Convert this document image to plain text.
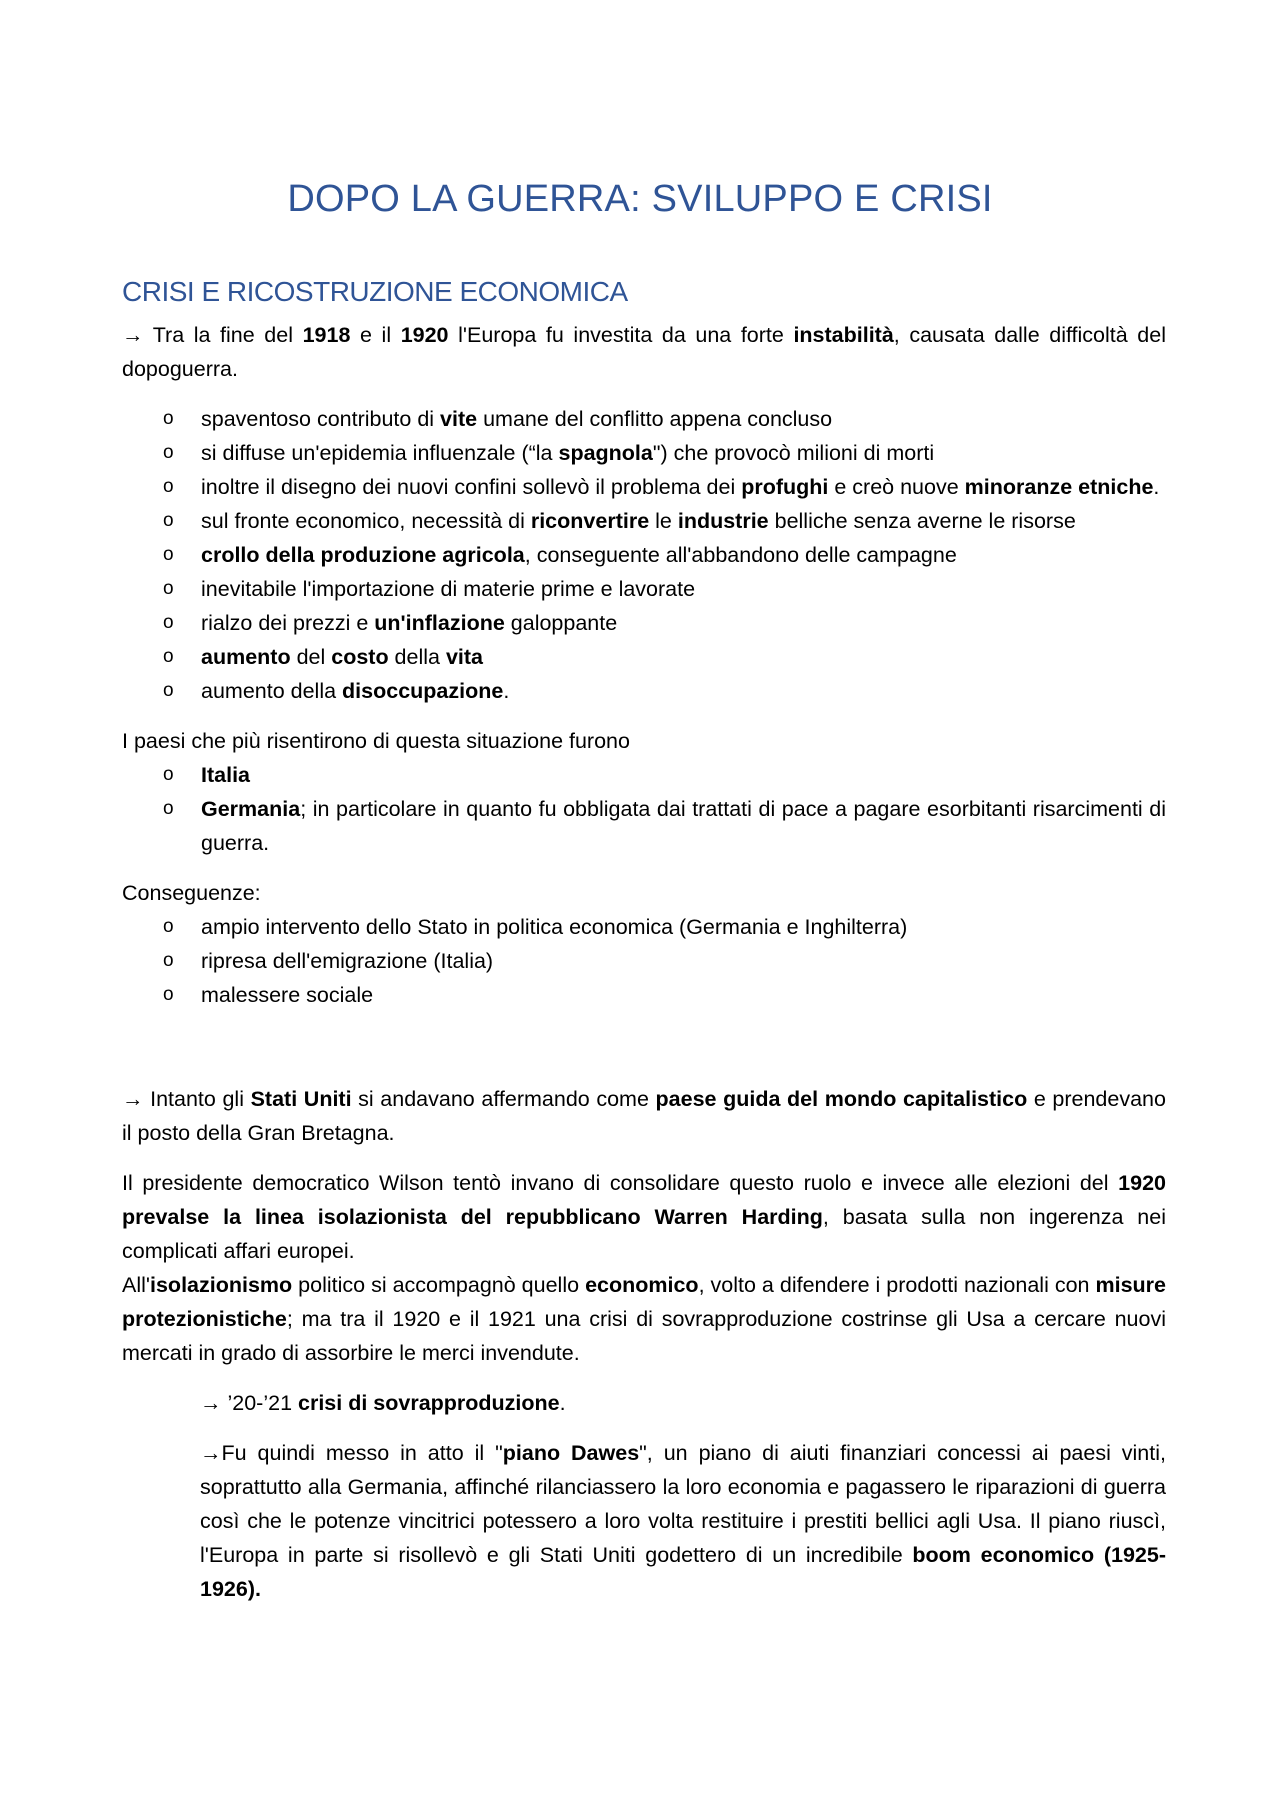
DOPO LA GUERRA: SVILUPPO E CRISI
CRISI E RICOSTRUZIONE ECONOMICA

→ Tra la fine del 1918 e il 1920 l'Europa fu investita da una forte instabilità, causata dalle difficoltà del dopoguerra.

o spaventoso contributo di vite umane del conflitto appena concluso
o si diffuse un'epidemia influenzale (“la spagnola") che provocò milioni di morti
o inoltre il disegno dei nuovi confini sollevò il problema dei profughi e creò nuove minoranze etniche.
o sul fronte economico, necessità di riconvertire le industrie belliche senza averne le risorse
o crollo della produzione agricola, conseguente all'abbandono delle campagne
o inevitabile l'importazione di materie prime e lavorate
o rialzo dei prezzi e un'inflazione galoppante
o aumento del costo della vita
o aumento della disoccupazione.

I paesi che più risentirono di questa situazione furono

o Italia
o Germania; in particolare in quanto fu obbligata dai trattati di pace a pagare esorbitanti risarcimenti di guerra.

Conseguenze:

o ampio intervento dello Stato in politica economica (Germania e Inghilterra)
o ripresa dell'emigrazione (Italia)
o malessere sociale

→ Intanto gli Stati Uniti si andavano affermando come paese guida del mondo capitalistico e prendevano il posto della Gran Bretagna.

Il presidente democratico Wilson tentò invano di consolidare questo ruolo e invece alle elezioni del 1920 prevalse la linea isolazionista del repubblicano Warren Harding, basata sulla non ingerenza nei complicati affari europei.

All'isolazionismo politico si accompagnò quello economico, volto a difendere i prodotti nazionali con misure protezionistiche; ma tra il 1920 e il 1921 una crisi di sovrapproduzione costrinse gli Usa a cercare nuovi mercati in grado di assorbire le merci invendute.

→ ’20-’21 crisi di sovrapproduzione.

→Fu quindi messo in atto il "piano Dawes", un piano di aiuti finanziari concessi ai paesi vinti, soprattutto alla Germania, affinché rilanciassero la loro economia e pagassero le riparazioni di guerra così che le potenze vincitrici potessero a loro volta restituire i prestiti bellici agli Usa. Il piano riuscì, l'Europa in parte si risollevò e gli Stati Uniti godettero di un incredibile boom economico (1925-1926).
